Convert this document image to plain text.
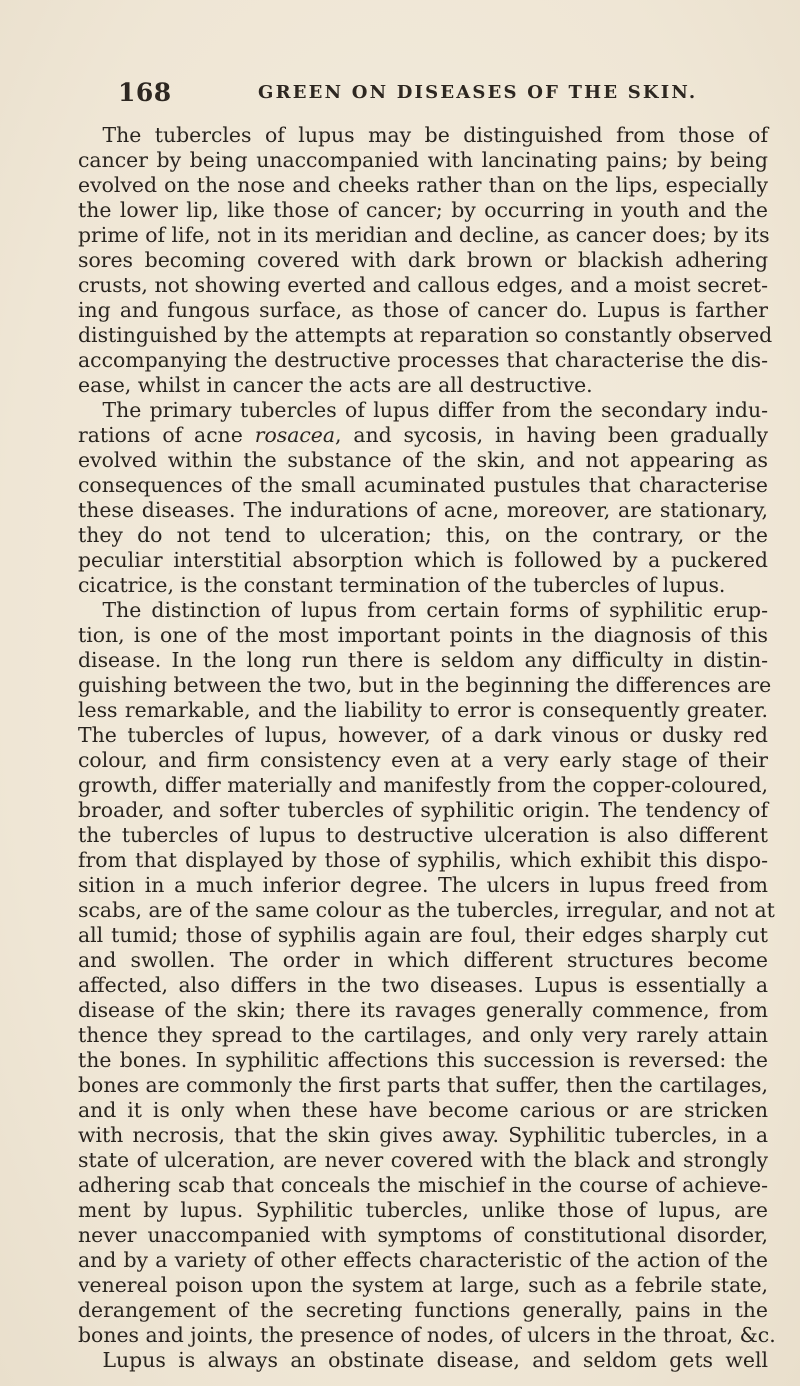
168	GREEN ON DISEASES OF THE SKIN.

The tubercles of lupus may be distinguished from those of
cancer by being unaccompanied with lancinating pains; by being
evolved on the nose and cheeks rather than on the lips, especially
the lower lip, like those of cancer; by occurring in youth and the
prime of life, not in its meridian and decline, as cancer does; by its
sores becoming covered with dark brown or blackish adhering
crusts, not showing everted and callous edges, and a moist secret-
ing and fungous surface, as those of cancer do. Lupus is farther
distinguished by the attempts at reparation so constantly observed
accompanying the destructive processes that characterise the dis-
ease, whilst in cancer the acts are all destructive.

The primary tubercles of lupus differ from the secondary indu-
rations of acne rosacea, and sycosis, in having been gradually
evolved within the substance of the skin, and not appearing as
consequences of the small acuminated pustules that characterise
these diseases. The indurations of acne, moreover, are stationary,
they do not tend to ulceration; this, on the contrary, or the
peculiar interstitial absorption which is followed by a puckered
cicatrice, is the constant termination of the tubercles of lupus.

The distinction of lupus from certain forms of syphilitic erup-
tion, is one of the most important points in the diagnosis of this
disease. In the long run there is seldom any difficulty in distin-
guishing between the two, but in the beginning the differences are
less remarkable, and the liability to error is consequently greater.
The tubercles of lupus, however, of a dark vinous or dusky red
colour, and firm consistency even at a very early stage of their
growth, differ materially and manifestly from the copper-coloured,
broader, and softer tubercles of syphilitic origin. The tendency of
the tubercles of lupus to destructive ulceration is also different
from that displayed by those of syphilis, which exhibit this dispo-
sition in a much inferior degree. The ulcers in lupus freed from
scabs, are of the same colour as the tubercles, irregular, and not at
all tumid; those of syphilis again are foul, their edges sharply cut
and swollen. The order in which different structures become
affected, also differs in the two diseases. Lupus is essentially a
disease of the skin; there its ravages generally commence, from
thence they spread to the cartilages, and only very rarely attain
the bones. In syphilitic affections this succession is reversed: the
bones are commonly the first parts that suffer, then the cartilages,
and it is only when these have become carious or are stricken
with necrosis, that the skin gives away. Syphilitic tubercles, in a
state of ulceration, are never covered with the black and strongly
adhering scab that conceals the mischief in the course of achieve-
ment by lupus. Syphilitic tubercles, unlike those of lupus, are
never unaccompanied with symptoms of constitutional disorder,
and by a variety of other effects characteristic of the action of the
venereal poison upon the system at large, such as a febrile state,
derangement of the secreting functions generally, pains in the
bones and joints, the presence of nodes, of ulcers in the throat, &c.

Lupus is always an obstinate disease, and seldom gets well
